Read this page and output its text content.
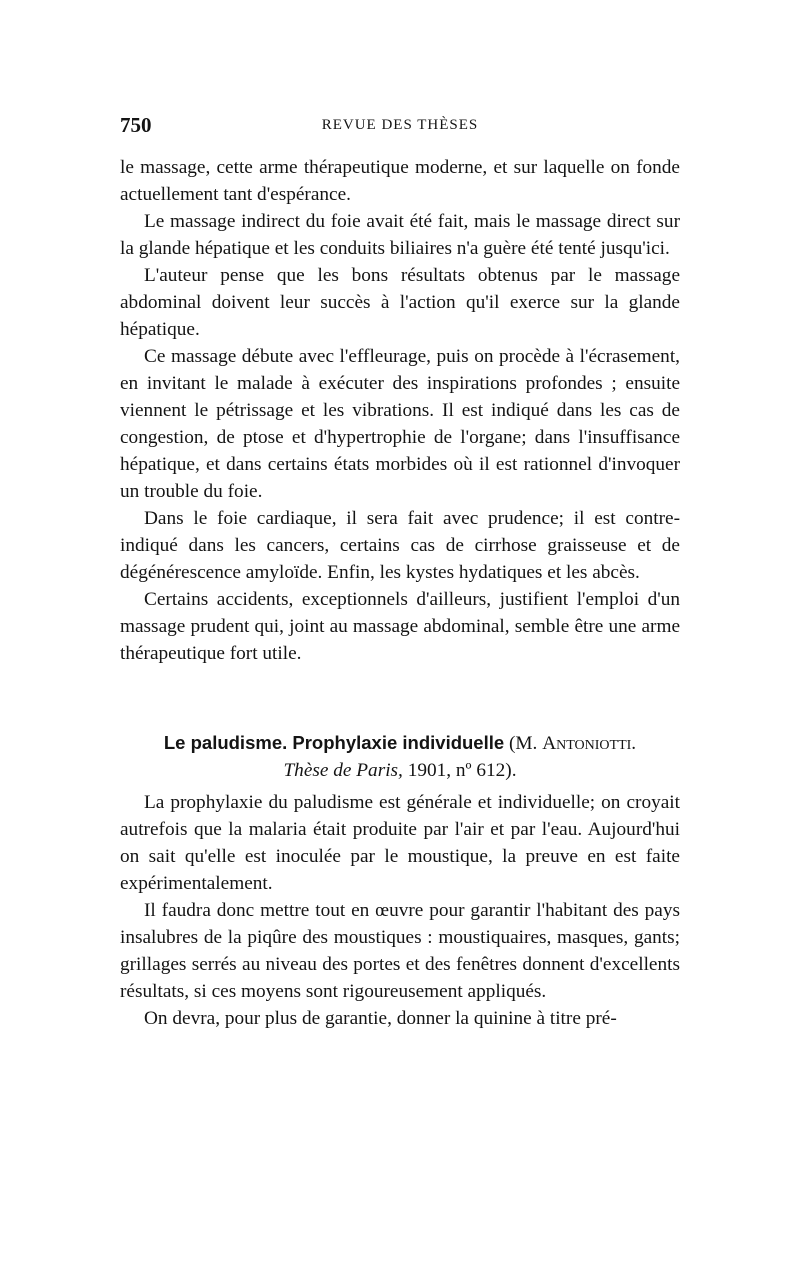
750	REVUE DES THÈSES

le massage, cette arme thérapeutique moderne, et sur laquelle on fonde actuellement tant d'espérance.

Le massage indirect du foie avait été fait, mais le massage direct sur la glande hépatique et les conduits biliaires n'a guère été tenté jusqu'ici.

L'auteur pense que les bons résultats obtenus par le massage abdominal doivent leur succès à l'action qu'il exerce sur la glande hépatique.

Ce massage débute avec l'effleurage, puis on procède à l'écrasement, en invitant le malade à exécuter des inspirations profondes ; ensuite viennent le pétrissage et les vibrations. Il est indiqué dans les cas de congestion, de ptose et d'hypertrophie de l'organe; dans l'insuffisance hépatique, et dans certains états morbides où il est rationnel d'invoquer un trouble du foie.

Dans le foie cardiaque, il sera fait avec prudence; il est contre-indiqué dans les cancers, certains cas de cirrhose graisseuse et de dégénérescence amyloïde. Enfin, les kystes hydatiques et les abcès.

Certains accidents, exceptionnels d'ailleurs, justifient l'emploi d'un massage prudent qui, joint au massage abdominal, semble être une arme thérapeutique fort utile.

Le paludisme. Prophylaxie individuelle (M. Antoniotti.
Thèse de Paris, 1901, nº 612).

La prophylaxie du paludisme est générale et individuelle; on croyait autrefois que la malaria était produite par l'air et par l'eau. Aujourd'hui on sait qu'elle est inoculée par le moustique, la preuve en est faite expérimentalement.

Il faudra donc mettre tout en œuvre pour garantir l'habitant des pays insalubres de la piqûre des moustiques : moustiquaires, masques, gants; grillages serrés au niveau des portes et des fenêtres donnent d'excellents résultats, si ces moyens sont rigoureusement appliqués.

On devra, pour plus de garantie, donner la quinine à titre pré-
